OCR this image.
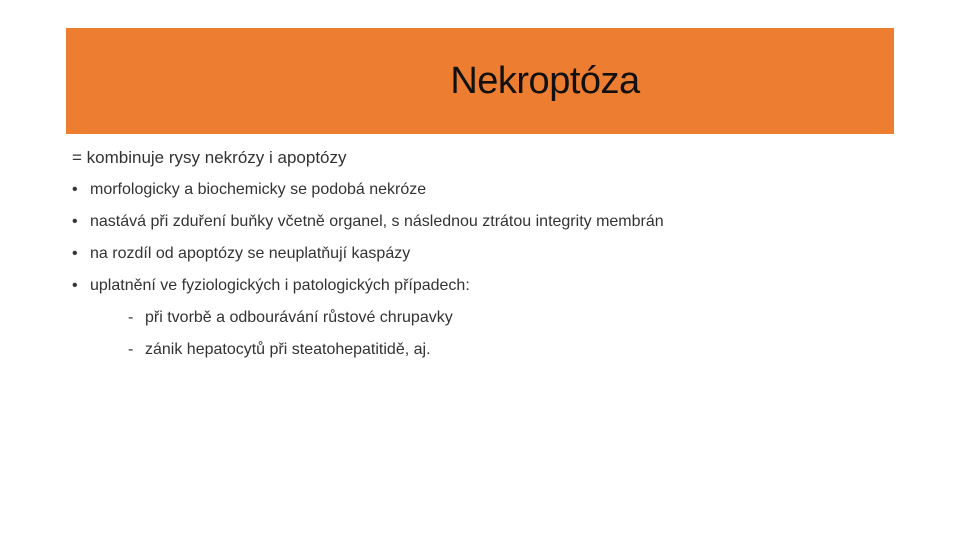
Nekroptóza
= kombinuje rysy nekrózy i apoptózy
• morfologicky a biochemicky se podobá nekróze
• nastává při zduření buňky včetně organel, s následnou ztrátou integrity membrán
• na rozdíl od apoptózy se neuplatňují kaspázy
• uplatnění ve fyziologických i patologických případech:
- při tvorbě a odbourávání růstové chrupavky
- zánik hepatocytů při steatohepatitidě, aj.
